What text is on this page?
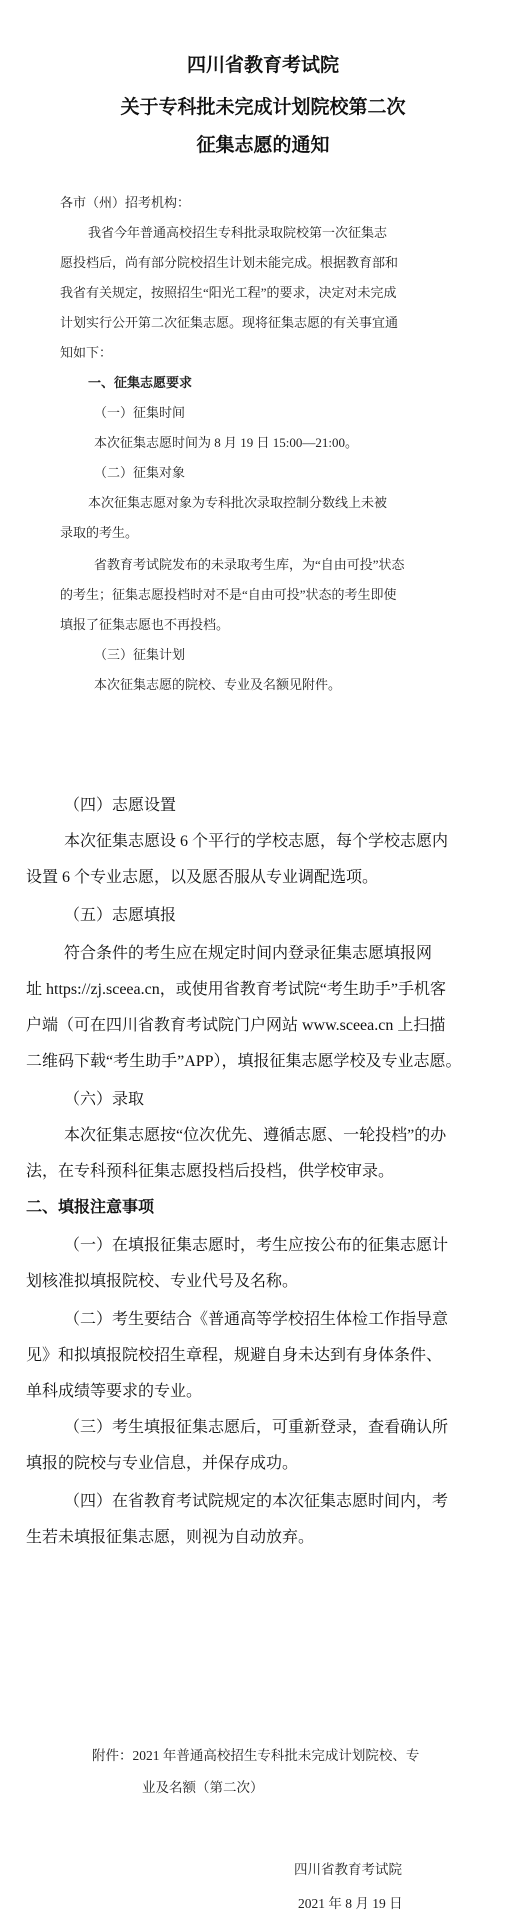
四川省教育考试院
关于专科批未完成计划院校第二次
征集志愿的通知
各市（州）招考机构：
我省今年普通高校招生专科批录取院校第一次征集志
愿投档后，尚有部分院校招生计划未能完成。根据教育部和
我省有关规定，按照招生“阳光工程”的要求，决定对未完成
计划实行公开第二次征集志愿。现将征集志愿的有关事宜通
知如下：
一、征集志愿要求
（一）征集时间
本次征集志愿时间为 8 月 19 日 15:00—21:00。
（二）征集对象
本次征集志愿对象为专科批次录取控制分数线上未被
录取的考生。
省教育考试院发布的未录取考生库，为“自由可投”状态
的考生；征集志愿投档时对不是“自由可投”状态的考生即使
填报了征集志愿也不再投档。
（三）征集计划
本次征集志愿的院校、专业及名额见附件。
（四）志愿设置
本次征集志愿设 6 个平行的学校志愿，每个学校志愿内
设置 6 个专业志愿，以及愿否服从专业调配选项。
（五）志愿填报
符合条件的考生应在规定时间内登录征集志愿填报网
址 https://zj.sceea.cn，或使用省教育考试院“考生助手”手机客
户端（可在四川省教育考试院门户网站 www.sceea.cn 上扫描
二维码下载“考生助手”APP），填报征集志愿学校及专业志愿。
（六）录取
本次征集志愿按“位次优先、遵循志愿、一轮投档”的办
法，在专科预科征集志愿投档后投档，供学校审录。
二、填报注意事项
（一）在填报征集志愿时，考生应按公布的征集志愿计
划核准拟填报院校、专业代号及名称。
（二）考生要结合《普通高等学校招生体检工作指导意
见》和拟填报院校招生章程，规避自身未达到有身体条件、
单科成绩等要求的专业。
（三）考生填报征集志愿后，可重新登录，查看确认所
填报的院校与专业信息，并保存成功。
（四）在省教育考试院规定的本次征集志愿时间内，考
生若未填报征集志愿，则视为自动放弃。
附件：2021 年普通高校招生专科批未完成计划院校、专
业及名额（第二次）
四川省教育考试院
2021 年 8 月 19 日
